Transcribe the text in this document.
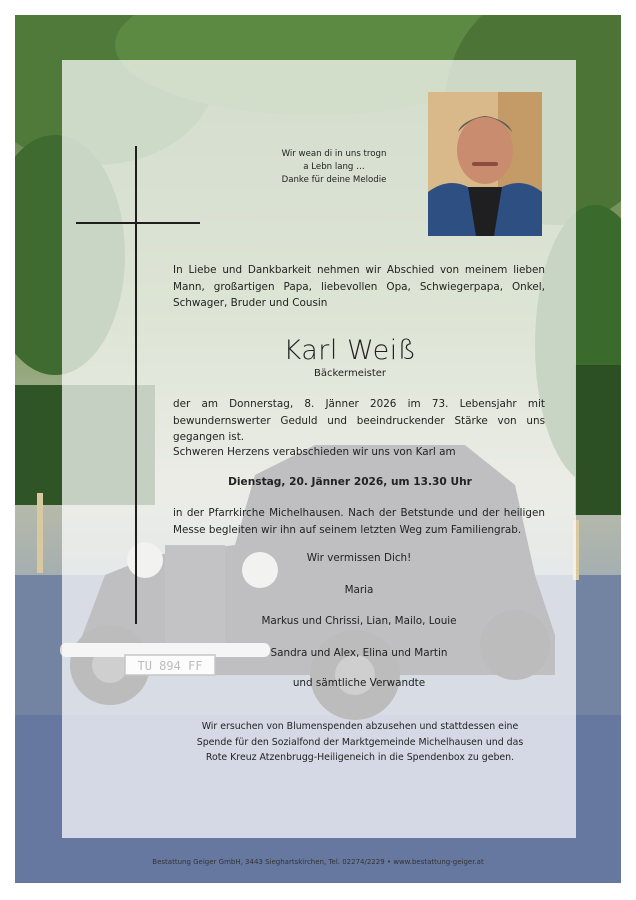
Wir wean di in uns trogn
a Lebn lang …
Danke für deine Melodie
In Liebe und Dankbarkeit nehmen wir Abschied von meinem lieben Mann, großartigen Papa, liebevollen Opa, Schwiegerpapa, Onkel, Schwager, Bruder und Cousin
Karl Weiß
Bäckermeister
der am Donnerstag, 8. Jänner 2026 im 73. Lebensjahr mit bewundernswerter Geduld und beeindruckender Stärke von uns gegangen ist.
Schweren Herzens verabschieden wir uns von Karl am
Dienstag, 20. Jänner 2026, um 13.30 Uhr
in der Pfarrkirche Michelhausen. Nach der Betstunde und der heiligen Messe begleiten wir ihn auf seinem letzten Weg zum Familiengrab.
Wir vermissen Dich!
Maria
Markus und Chrissi, Lian, Mailo, Louie
Sandra und Alex, Elina und Martin
und sämtliche Verwandte
Wir ersuchen von Blumenspenden abzusehen und stattdessen eine
Spende für den Sozialfond der Marktgemeinde Michelhausen und das
Rote Kreuz Atzenbrugg-Heiligeneich in die Spendenbox zu geben.
Bestattung Geiger GmbH, 3443 Sieghartskirchen, Tel. 02274/2229 • www.bestattung-geiger.at
